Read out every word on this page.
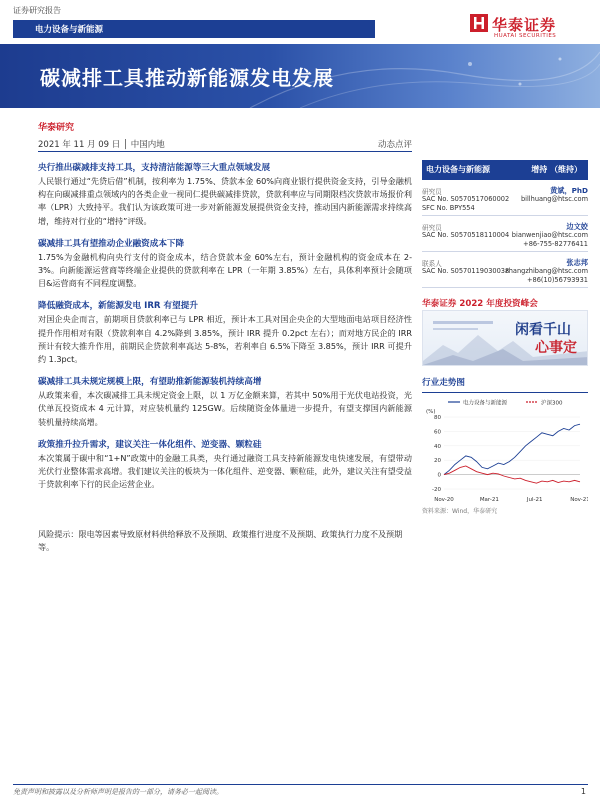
证券研究报告
电力设备与新能源	华泰证券
HUATAI SECURITIES
碳减排工具推动新能源发电发展
华泰研究
2021 年 11 月 09 日 │ 中国内地	动态点评
央行推出碳减排支持工具，支持清洁能源等三大重点领域发展
人民银行通过“先贷后借”机制，按利率为 1.75%、贷款本金 60%向商业银行提供资金支持，引导金融机构在向碳减排重点领域内的各类企业一视同仁提供碳减排贷款，贷款利率应与同期限档次贷款市场报价利率（LPR）大致持平。我们认为该政策可进一步对新能源发展提供资金支持，推动国内新能源需求持续高增，维持对行业的“增持”评级。
碳减排工具有望推动企业融资成本下降
1.75%为金融机构向央行支付的资金成本，结合贷款本金 60%左右，预计金融机构的资金成本在 2-3%。向新能源运营商等终端企业提供的贷款利率在 LPR（一年期 3.85%）左右，具体利率预计会随项目&运营商有不同程度调整。
降低融资成本，新能源发电 IRR 有望提升
对国企央企而言，前期项目贷款利率已与 LPR 相近，预计本工具对国企央企的大型地面电站项目经济性提升作用相对有限（贷款利率自 4.2%降到 3.85%，预计 IRR 提升 0.2pct 左右）；而对地方民企的 IRR 预计有较大推升作用，前期民企贷款利率高达 5-8%，若利率自 6.5%下降至 3.85%，预计 IRR 可提升约 1.3pct。
碳减排工具未规定规模上限，有望助推新能源装机持续高增
从政策来看，本次碳减排工具未规定资金上限，以 1 万亿金额来算，若其中 50%用于光伏电站投资，光伏单瓦投资成本 4 元计算，对应装机量约 125GW。后续随资金体量进一步提升，有望支撑国内新能源装机量持续高增。
政策推升拉升需求，建议关注一体化组件、逆变器、颗粒硅
本次策属于碳中和“1+N”政策中的金融工具类，央行通过融资工具支持新能源发电快速发展，有望带动光伏行业整体需求高增。我们建议关注的板块为一体化组件、逆变器、颗粒硅，此外，建议关注有望受益于贷款利率下行的民企运营企业。
风险提示：限电等因素导致原材料供给释放不及预期、政策推行进度不及预期、政策执行力度不及预期等。
电力设备与新能源	增持 （维持）
研究员	黄斌，PhD
SAC No. S0570517060002 billhuang@htsc.com
SFC No. BPY554
研究员	边文姣
SAC No. S0570518110004 bianwenjiao@htsc.com
+86-755-82776411
联系人	张志邦
SAC No. S0570119030038
zhangzhibang@htsc.com
+86(10)56793931
华泰证券 2022 年度投资峰会
闲看千山
心事定
行业走势图
电力设备与新能源	沪深300
(%)
-20
0
20
40
60
80
Nov-20	Mar-21	Jul-21	Nov-21
资料来源：Wind，华泰研究
免责声明和披露以及分析师声明是报告的一部分，请务必一起阅读。	1
